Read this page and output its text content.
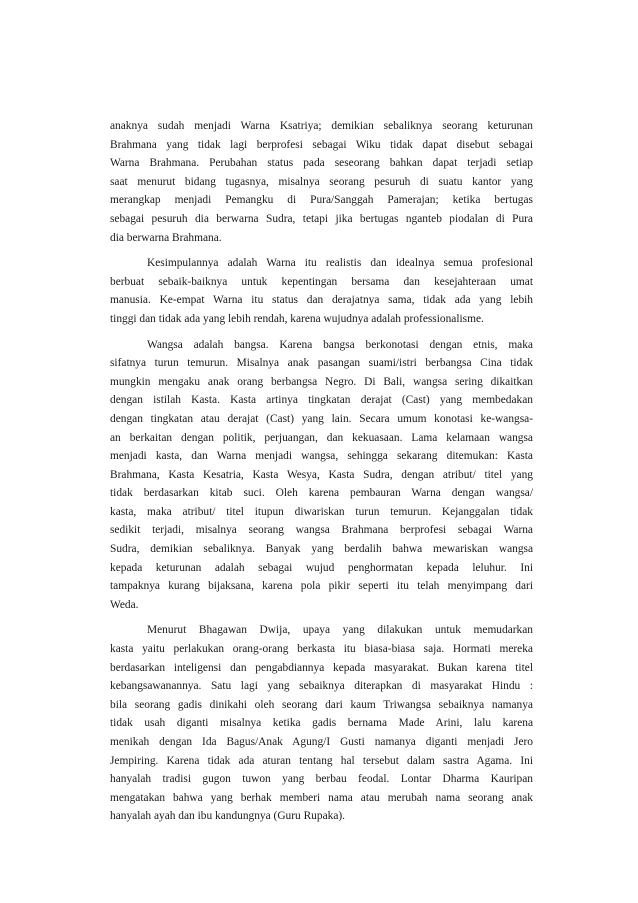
anaknya sudah menjadi Warna Ksatriya; demikian sebaliknya seorang keturunan
Brahmana yang tidak lagi berprofesi sebagai Wiku tidak dapat disebut sebagai
Warna Brahmana. Perubahan status pada seseorang bahkan dapat terjadi setiap
saat menurut bidang tugasnya, misalnya seorang pesuruh di suatu kantor yang
merangkap menjadi Pemangku di Pura/Sanggah Pamerajan; ketika bertugas
sebagai pesuruh dia berwarna Sudra, tetapi jika bertugas nganteb piodalan di Pura
dia berwarna Brahmana.
Kesimpulannya adalah Warna itu realistis dan idealnya semua profesional
berbuat sebaik-baiknya untuk kepentingan bersama dan kesejahteraan umat
manusia. Ke-empat Warna itu status dan derajatnya sama, tidak ada yang lebih
tinggi dan tidak ada yang lebih rendah, karena wujudnya adalah professionalisme.
Wangsa adalah bangsa. Karena bangsa berkonotasi dengan etnis, maka
sifatnya turun temurun. Misalnya anak pasangan suami/istri berbangsa Cina tidak
mungkin mengaku anak orang berbangsa Negro. Di Bali, wangsa sering dikaitkan
dengan istilah Kasta. Kasta artinya tingkatan derajat (Cast) yang membedakan
dengan tingkatan atau derajat (Cast) yang lain. Secara umum konotasi ke-wangsa-
an berkaitan dengan politik, perjuangan, dan kekuasaan. Lama kelamaan wangsa
menjadi kasta, dan Warna menjadi wangsa, sehingga sekarang ditemukan: Kasta
Brahmana, Kasta Kesatria, Kasta Wesya, Kasta Sudra, dengan atribut/ titel yang
tidak berdasarkan kitab suci. Oleh karena pembauran Warna dengan wangsa/
kasta, maka atribut/ titel itupun diwariskan turun temurun. Kejanggalan tidak
sedikit terjadi, misalnya seorang wangsa Brahmana berprofesi sebagai Warna
Sudra, demikian sebaliknya. Banyak yang berdalih bahwa mewariskan wangsa
kepada keturunan adalah sebagai wujud penghormatan kepada leluhur. Ini
tampaknya kurang bijaksana, karena pola pikir seperti itu telah menyimpang dari
Weda.
Menurut Bhagawan Dwija, upaya yang dilakukan untuk memudarkan
kasta yaitu perlakukan orang-orang berkasta itu biasa-biasa saja. Hormati mereka
berdasarkan inteligensi dan pengabdiannya kepada masyarakat. Bukan karena titel
kebangsawanannya. Satu lagi yang sebaiknya diterapkan di masyarakat Hindu :
bila seorang gadis dinikahi oleh seorang dari kaum Triwangsa sebaiknya namanya
tidak usah diganti misalnya ketika gadis bernama Made Arini, lalu karena
menikah dengan Ida Bagus/Anak Agung/I Gusti namanya diganti menjadi Jero
Jempiring. Karena tidak ada aturan tentang hal tersebut dalam sastra Agama. Ini
hanyalah tradisi gugon tuwon yang berbau feodal. Lontar Dharma Kauripan
mengatakan bahwa yang berhak memberi nama atau merubah nama seorang anak
hanyalah ayah dan ibu kandungnya (Guru Rupaka).
